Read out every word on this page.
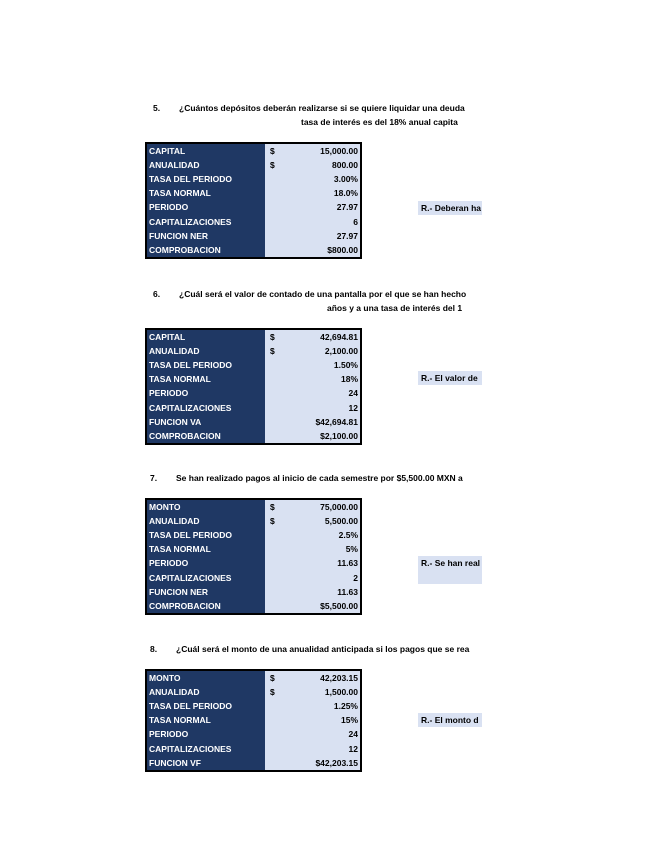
5. ¿Cuántos depósitos deberán realizarse si se quiere liquidar una deuda
tasa de interés es del 18% anual capita
CAPITAL	$	15,000.00
ANUALIDAD	$	800.00
TASA DEL PERIODO		3.00%
TASA NORMAL		18.0%
PERIODO		27.97
CAPITALIZACIONES		6
FUNCION NER		27.97
COMPROBACION		$800.00
R.- Deberan ha
6. ¿Cuál será el valor de contado de una pantalla por el que se han hecho
años y a una tasa de interés del 1
CAPITAL	$	42,694.81
ANUALIDAD	$	2,100.00
TASA DEL PERIODO		1.50%
TASA NORMAL		18%
PERIODO		24
CAPITALIZACIONES		12
FUNCION VA		$42,694.81
COMPROBACION		$2,100.00
R.- El valor de
7. Se han realizado pagos al inicio de cada semestre por $5,500.00 MXN a
MONTO	$	75,000.00
ANUALIDAD	$	5,500.00
TASA DEL PERIODO		2.5%
TASA NORMAL		5%
PERIODO		11.63
CAPITALIZACIONES		2
FUNCION NER		11.63
COMPROBACION		$5,500.00
R.- Se han real
8. ¿Cuál será el monto de una anualidad anticipada si los pagos que se rea
MONTO	$	42,203.15
ANUALIDAD	$	1,500.00
TASA DEL PERIODO		1.25%
TASA NORMAL		15%
PERIODO		24
CAPITALIZACIONES		12
FUNCION VF		$42,203.15
R.- El monto d
